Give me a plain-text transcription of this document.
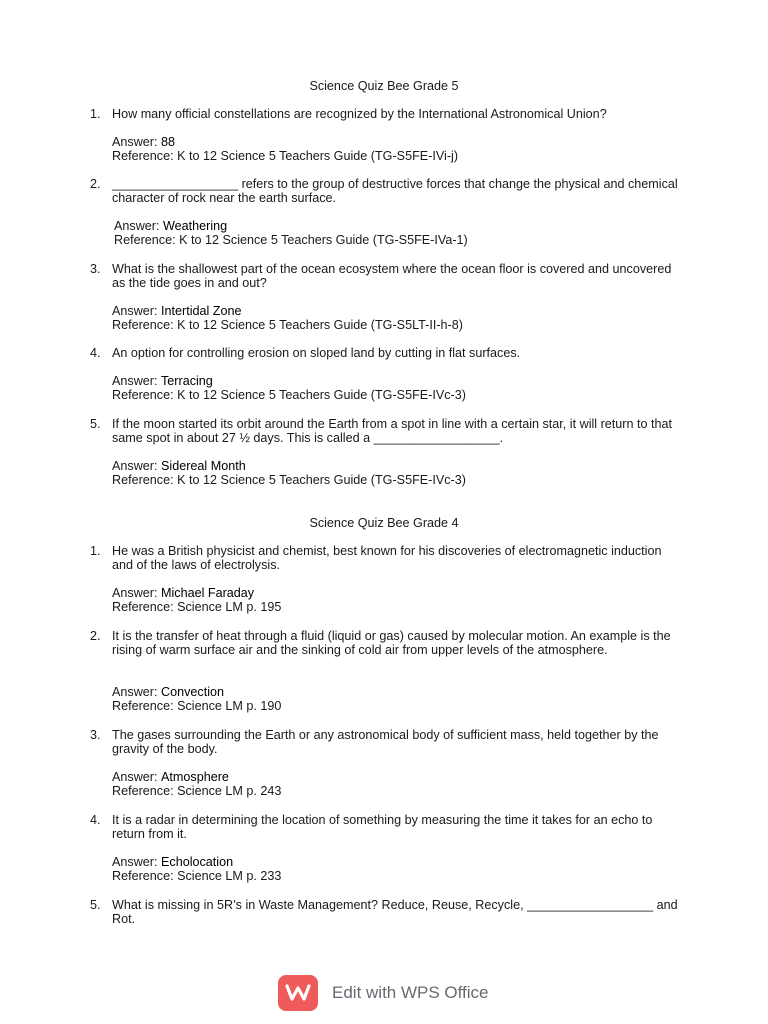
Science Quiz Bee Grade 5
1. How many official constellations are recognized by the International Astronomical Union?
Answer: 88
Reference: K to 12 Science 5 Teachers Guide (TG-S5FE-IVi-j)
2. __________________ refers to the group of destructive forces that change the physical and chemical character of rock near the earth surface.
Answer: Weathering
Reference: K to 12 Science 5 Teachers Guide (TG-S5FE-IVa-1)
3. What is the shallowest part of the ocean ecosystem where the ocean floor is covered and uncovered as the tide goes in and out?
Answer: Intertidal Zone
Reference: K to 12 Science 5 Teachers Guide (TG-S5LT-II-h-8)
4. An option for controlling erosion on sloped land by cutting in flat surfaces.
Answer: Terracing
Reference: K to 12 Science 5 Teachers Guide (TG-S5FE-IVc-3)
5. If the moon started its orbit around the Earth from a spot in line with a certain star, it will return to that same spot in about 27 ½ days. This is called a __________________.
Answer: Sidereal Month
Reference: K to 12 Science 5 Teachers Guide (TG-S5FE-IVc-3)
Science Quiz Bee Grade 4
1. He was a British physicist and chemist, best known for his discoveries of electromagnetic induction and of the laws of electrolysis.
Answer: Michael Faraday
Reference: Science LM p. 195
2. It is the transfer of heat through a fluid (liquid or gas) caused by molecular motion. An example is the rising of warm surface air and the sinking of cold air from upper levels of the atmosphere.
Answer: Convection
Reference: Science LM p. 190
3. The gases surrounding the Earth or any astronomical body of sufficient mass, held together by the gravity of the body.
Answer: Atmosphere
Reference: Science LM p. 243
4. It is a radar in determining the location of something by measuring the time it takes for an echo to return from it.
Answer: Echolocation
Reference: Science LM p. 233
5. What is missing in 5R’s in Waste Management? Reduce, Reuse, Recycle, __________________ and Rot.
Edit with WPS Office
